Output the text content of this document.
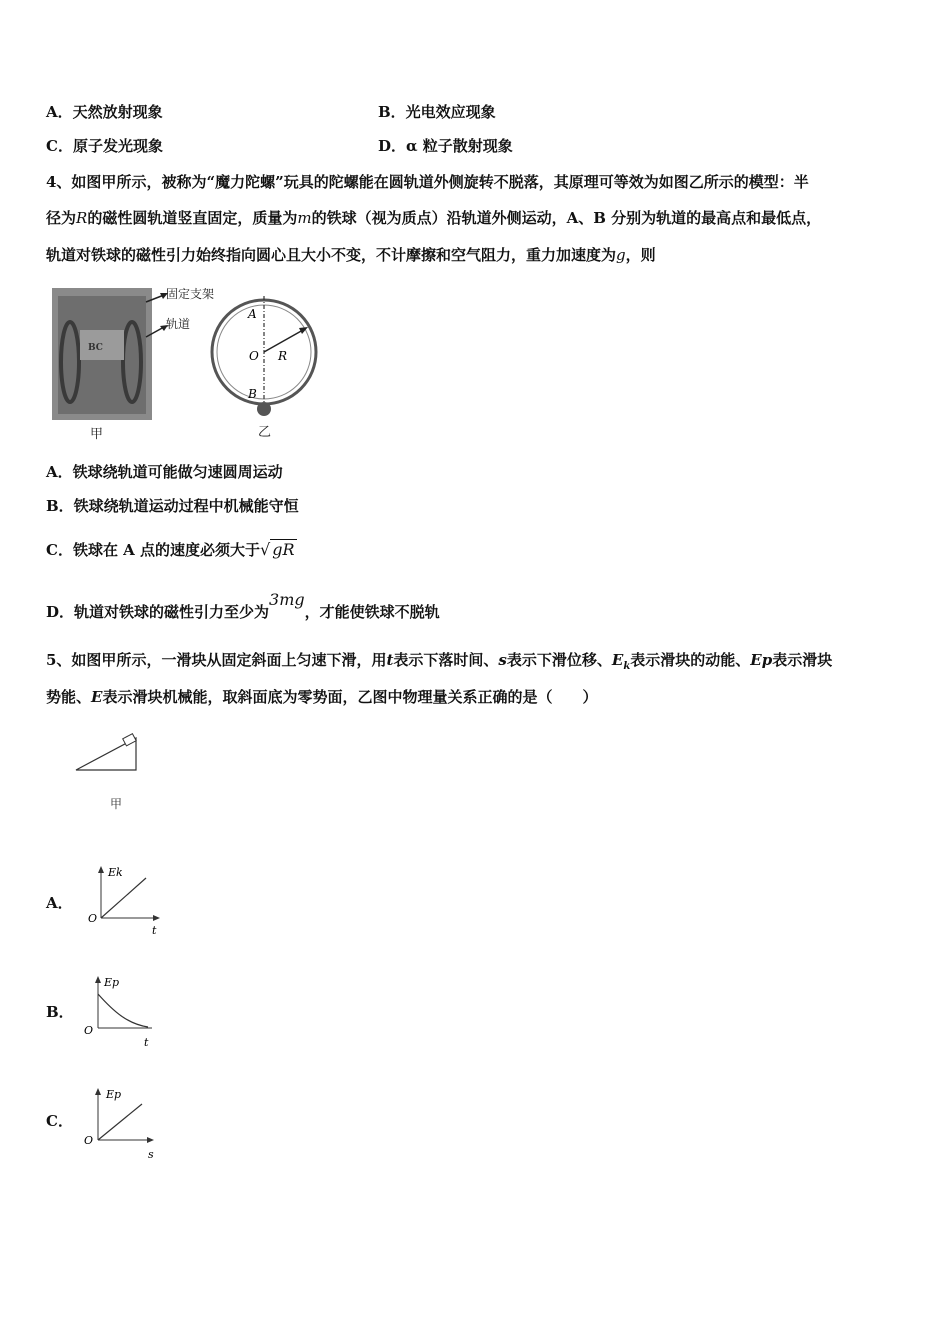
A．天然放射现象	B．光电效应现象
C．原子发光现象	D．α 粒子散射现象
4、如图甲所示，被称为“魔力陀螺”玩具的陀螺能在圆轨道外侧旋转不脱落，其原理可等效为如图乙所示的模型：半
径为R的磁性圆轨道竖直固定，质量为m的铁球（视为质点）沿轨道外侧运动，A、B 分别为轨道的最高点和最低点，
轨道对铁球的磁性引力始终指向圆心且大小不变，不计摩擦和空气阻力，重力加速度为g，则
BC
固定支架
轨道
甲
A
O R
B
乙
A．铁球绕轨道可能做匀速圆周运动
B．铁球绕轨道运动过程中机械能守恒
C．铁球在 A 点的速度必须大于√ gR
D．轨道对铁球的磁性引力至少为3mg，才能使铁球不脱轨
5、如图甲所示，一滑块从固定斜面上匀速下滑，用t表示下落时间、s表示下滑位移、$E_k$表示滑块的动能、Ep表示滑块
势能、E表示滑块机械能，取斜面底为零势面，乙图中物理量关系正确的是（　　）
甲
A．
Ek
O
t
B．
Ep
O
t
C．
Ep
O
s
